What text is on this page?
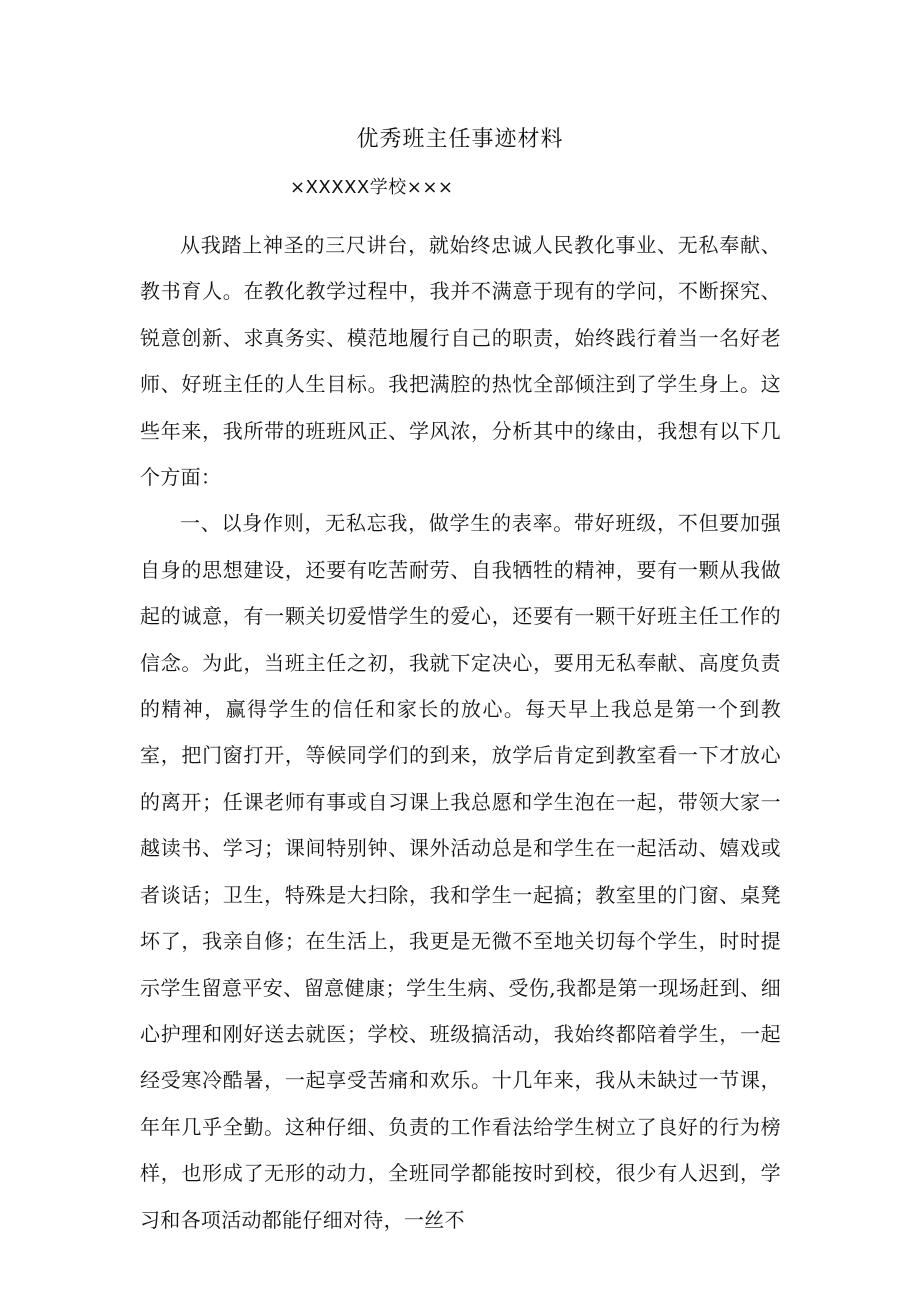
优秀班主任事迹材料
×XXXXX学校×××

从我踏上神圣的三尺讲台，就始终忠诚人民教化事业、无私奉献、教书育人。在教化教学过程中，我并不满意于现有的学问，不断探究、锐意创新、求真务实、模范地履行自己的职责，始终践行着当一名好老师、好班主任的人生目标。我把满腔的热忱全部倾注到了学生身上。这些年来，我所带的班班风正、学风浓，分析其中的缘由，我想有以下几个方面：

一、以身作则，无私忘我，做学生的表率。带好班级，不但要加强自身的思想建设，还要有吃苦耐劳、自我牺牲的精神，要有一颗从我做起的诚意，有一颗关切爱惜学生的爱心，还要有一颗干好班主任工作的信念。为此，当班主任之初，我就下定决心，要用无私奉献、高度负责的精神，赢得学生的信任和家长的放心。每天早上我总是第一个到教室，把门窗打开，等候同学们的到来，放学后肯定到教室看一下才放心的离开；任课老师有事或自习课上我总愿和学生泡在一起，带领大家一越读书、学习；课间特别钟、课外活动总是和学生在一起活动、嬉戏或者谈话；卫生，特殊是大扫除，我和学生一起搞；教室里的门窗、桌凳坏了，我亲自修；在生活上，我更是无微不至地关切每个学生，时时提示学生留意平安、留意健康；学生生病、受伤,我都是第一现场赶到、细心护理和刚好送去就医；学校、班级搞活动，我始终都陪着学生，一起经受寒冷酷暑，一起享受苦痛和欢乐。十几年来，我从未缺过一节课，年年几乎全勤。这种仔细、负责的工作看法给学生树立了良好的行为榜样，也形成了无形的动力，全班同学都能按时到校，很少有人迟到，学习和各项活动都能仔细对待，一丝不
